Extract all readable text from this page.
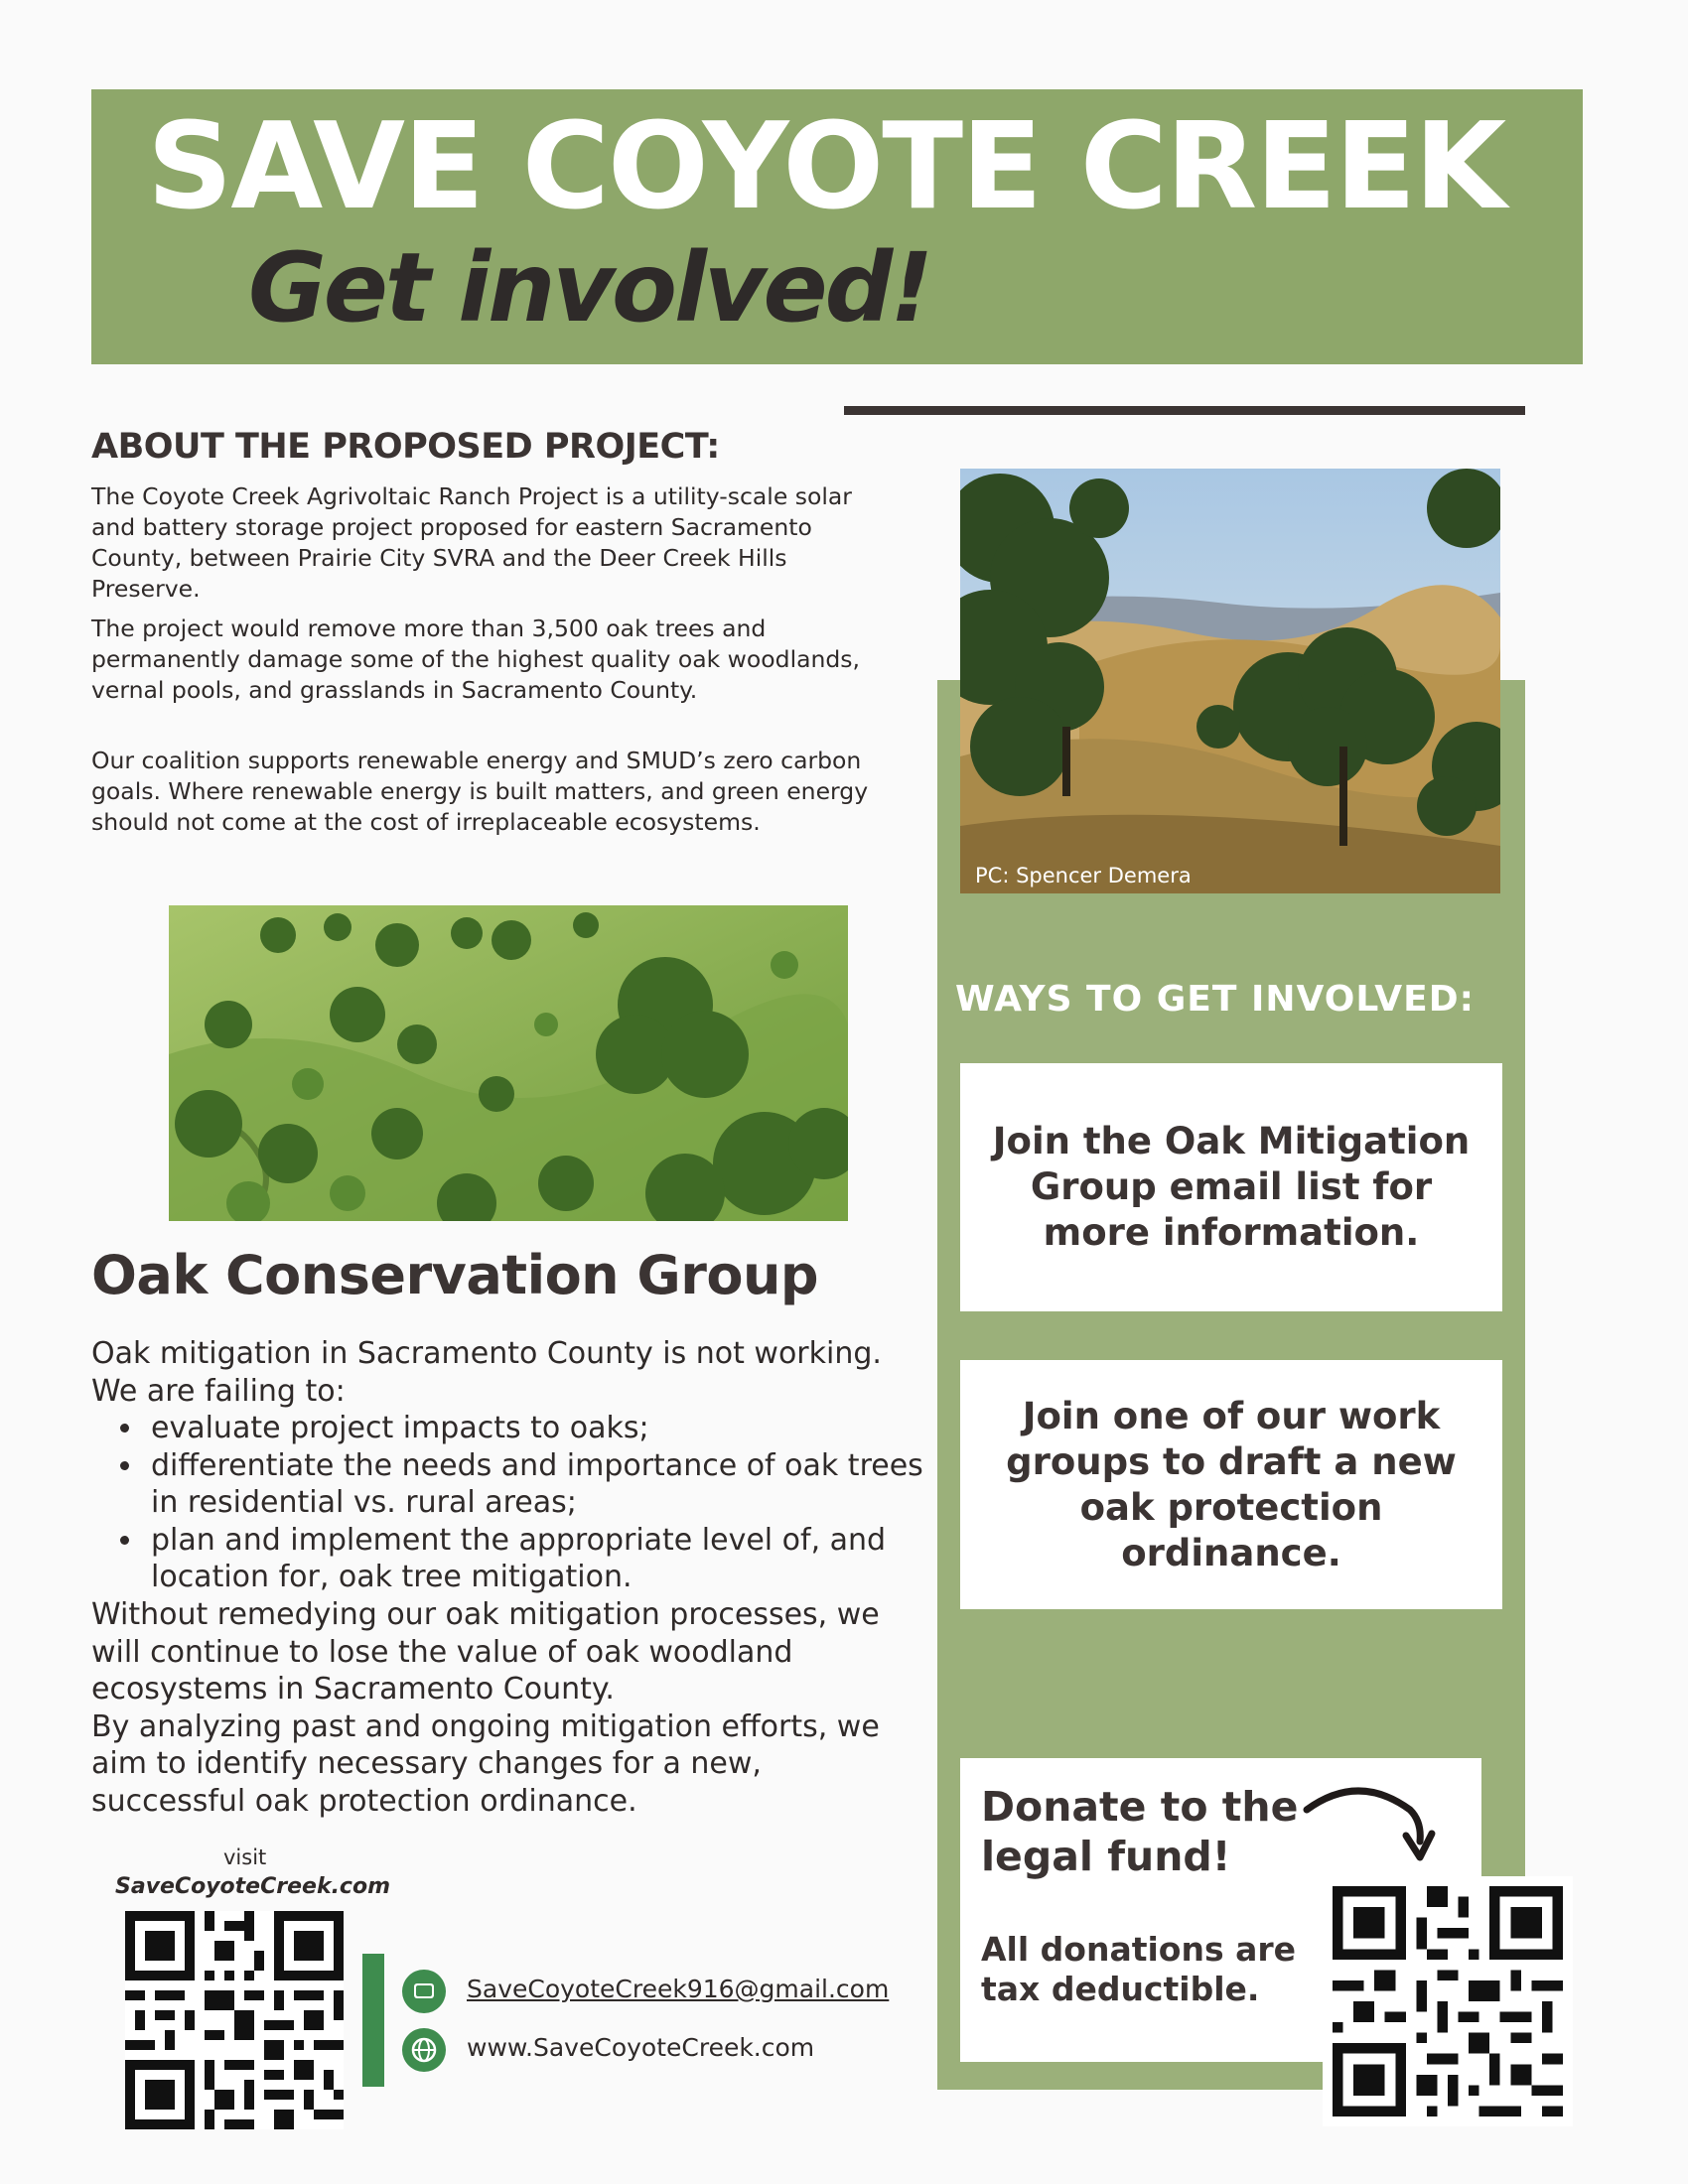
SAVE COYOTE CREEK
Get involved!
ABOUT THE PROPOSED PROJECT:

The Coyote Creek Agrivoltaic Ranch Project is a utility-scale solar and battery storage project proposed for eastern Sacramento County, between Prairie City SVRA and the Deer Creek Hills Preserve.

The project would remove more than 3,500 oak trees and permanently damage some of the highest quality oak woodlands, vernal pools, and grasslands in Sacramento County.

Our coalition supports renewable energy and SMUD’s zero carbon goals. Where renewable energy is built matters, and green energy should not come at the cost of irreplaceable ecosystems.

Oak Conservation Group
Oak mitigation in Sacramento County is not working. We are failing to:
• evaluate project impacts to oaks;
• differentiate the needs and importance of oak trees in residential vs. rural areas;
• plan and implement the appropriate level of, and location for, oak tree mitigation.
Without remedying our oak mitigation processes, we will continue to lose the value of oak woodland ecosystems in Sacramento County.
By analyzing past and ongoing mitigation efforts, we aim to identify necessary changes for a new, successful oak protection ordinance.
visit
SaveCoyoteCreek.com
SaveCoyoteCreek916@gmail.com
www.SaveCoyoteCreek.com
PC: Spencer Demera
WAYS TO GET INVOLVED:
Join the Oak Mitigation Group email list for more information.
Join one of our work groups to draft a new oak protection ordinance.
Donate to the legal fund!
All donations are tax deductible.
